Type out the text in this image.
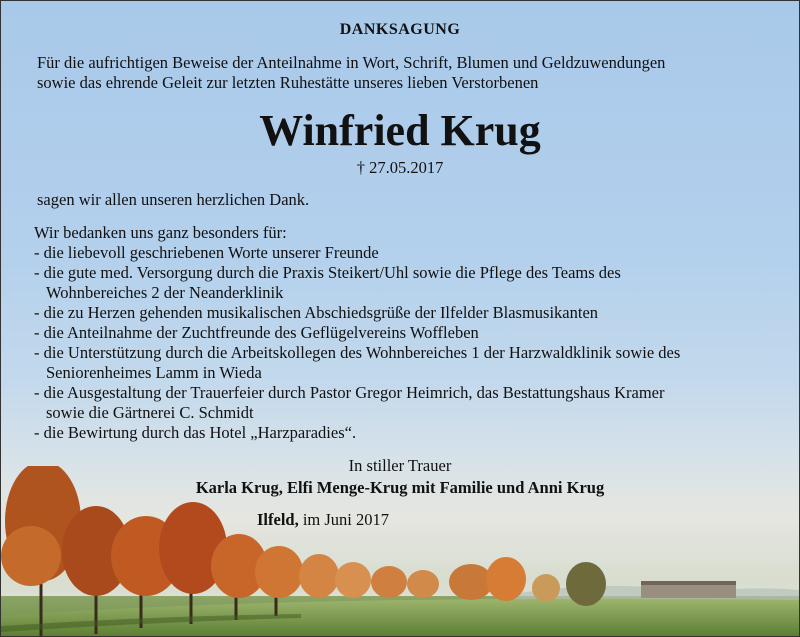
DANKSAGUNG
Für die aufrichtigen Beweise der Anteilnahme in Wort, Schrift, Blumen und Geldzuwendungen
sowie das ehrende Geleit zur letzten Ruhestätte unseres lieben Verstorbenen
Winfried Krug
† 27.05.2017
sagen wir allen unseren herzlichen Dank.
Wir bedanken uns ganz besonders für:
- die liebevoll geschriebenen Worte unserer Freunde
- die gute med. Versorgung durch die Praxis Steikert/Uhl sowie die Pflege des Teams des
Wohnbereiches 2 der Neanderklinik
- die zu Herzen gehenden musikalischen Abschiedsgrüße der Ilfelder Blasmusikanten
- die Anteilnahme der Zuchtfreunde des Geflügelvereins Woffleben
- die Unterstützung durch die Arbeitskollegen des Wohnbereiches 1 der Harzwaldklinik sowie des
Seniorenheimes Lamm in Wieda
- die Ausgestaltung der Trauerfeier durch Pastor Gregor Heimrich, das Bestattungshaus Kramer
sowie die Gärtnerei C. Schmidt
- die Bewirtung durch das Hotel „Harzparadies“.
In stiller Trauer
Karla Krug, Elfi Menge-Krug mit Familie und Anni Krug
Ilfeld, im Juni 2017
